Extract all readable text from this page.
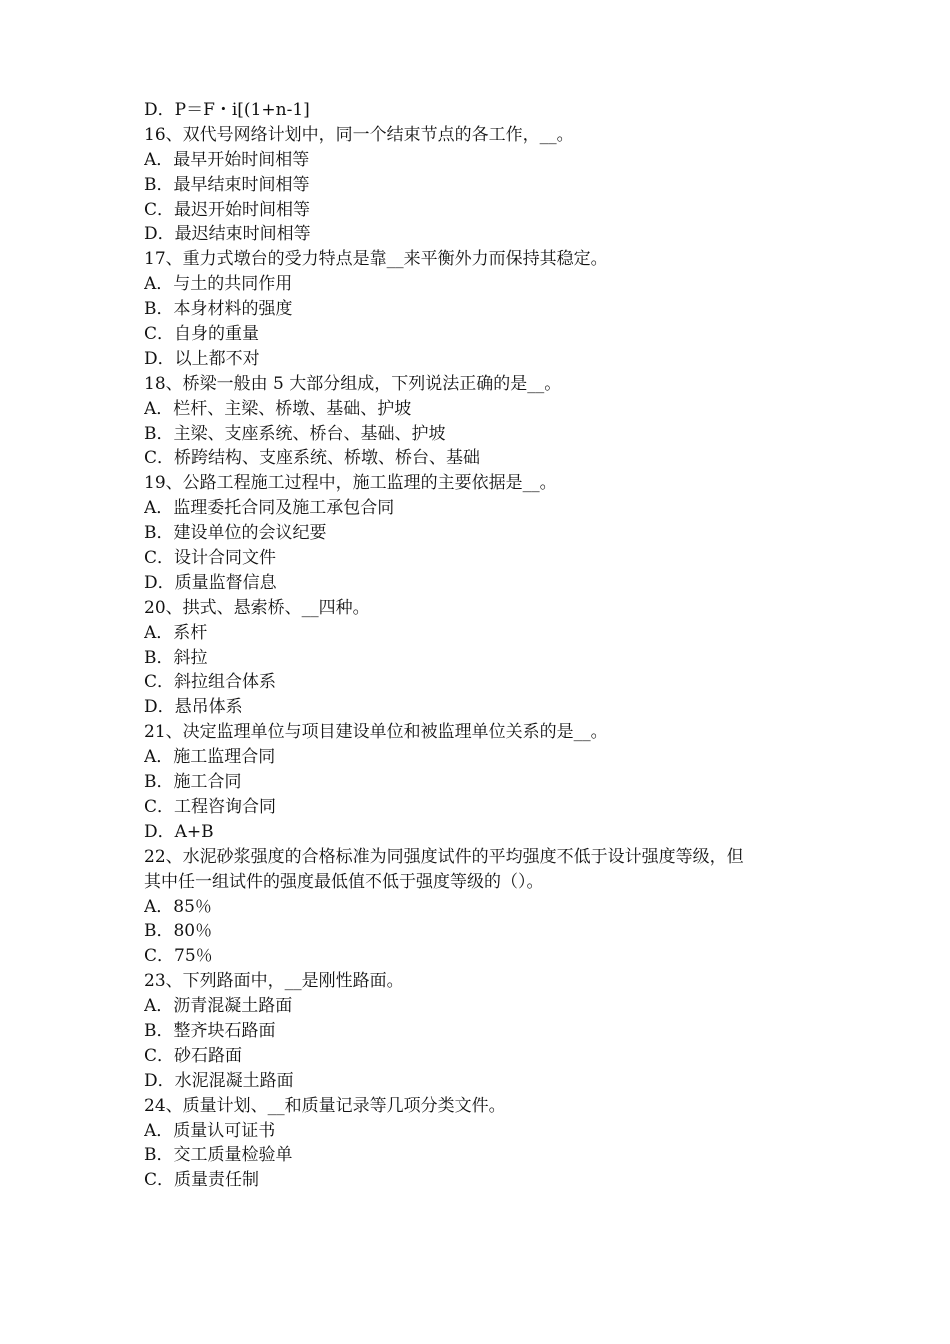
D．P＝F・i[(1+n-1]
16、双代号网络计划中，同一个结束节点的各工作，__。
A．最早开始时间相等
B．最早结束时间相等
C．最迟开始时间相等
D．最迟结束时间相等
17、重力式墩台的受力特点是靠__来平衡外力而保持其稳定。
A．与土的共同作用
B．本身材料的强度
C．自身的重量
D．以上都不对
18、桥梁一般由 5 大部分组成，下列说法正确的是__。
A．栏杆、主梁、桥墩、基础、护坡
B．主梁、支座系统、桥台、基础、护坡
C．桥跨结构、支座系统、桥墩、桥台、基础
19、公路工程施工过程中，施工监理的主要依据是__。
A．监理委托合同及施工承包合同
B．建设单位的会议纪要
C．设计合同文件
D．质量监督信息
20、拱式、悬索桥、__四种。
A．系杆
B．斜拉
C．斜拉组合体系
D．悬吊体系
21、决定监理单位与项目建设单位和被监理单位关系的是__。
A．施工监理合同
B．施工合同
C．工程咨询合同
D．A+B
22、水泥砂浆强度的合格标准为同强度试件的平均强度不低于设计强度等级，但
其中任一组试件的强度最低值不低于强度等级的（）。
A．85％
B．80％
C．75％
23、下列路面中，__是刚性路面。
A．沥青混凝土路面
B．整齐块石路面
C．砂石路面
D．水泥混凝土路面
24、质量计划、__和质量记录等几项分类文件。
A．质量认可证书
B．交工质量检验单
C．质量责任制
